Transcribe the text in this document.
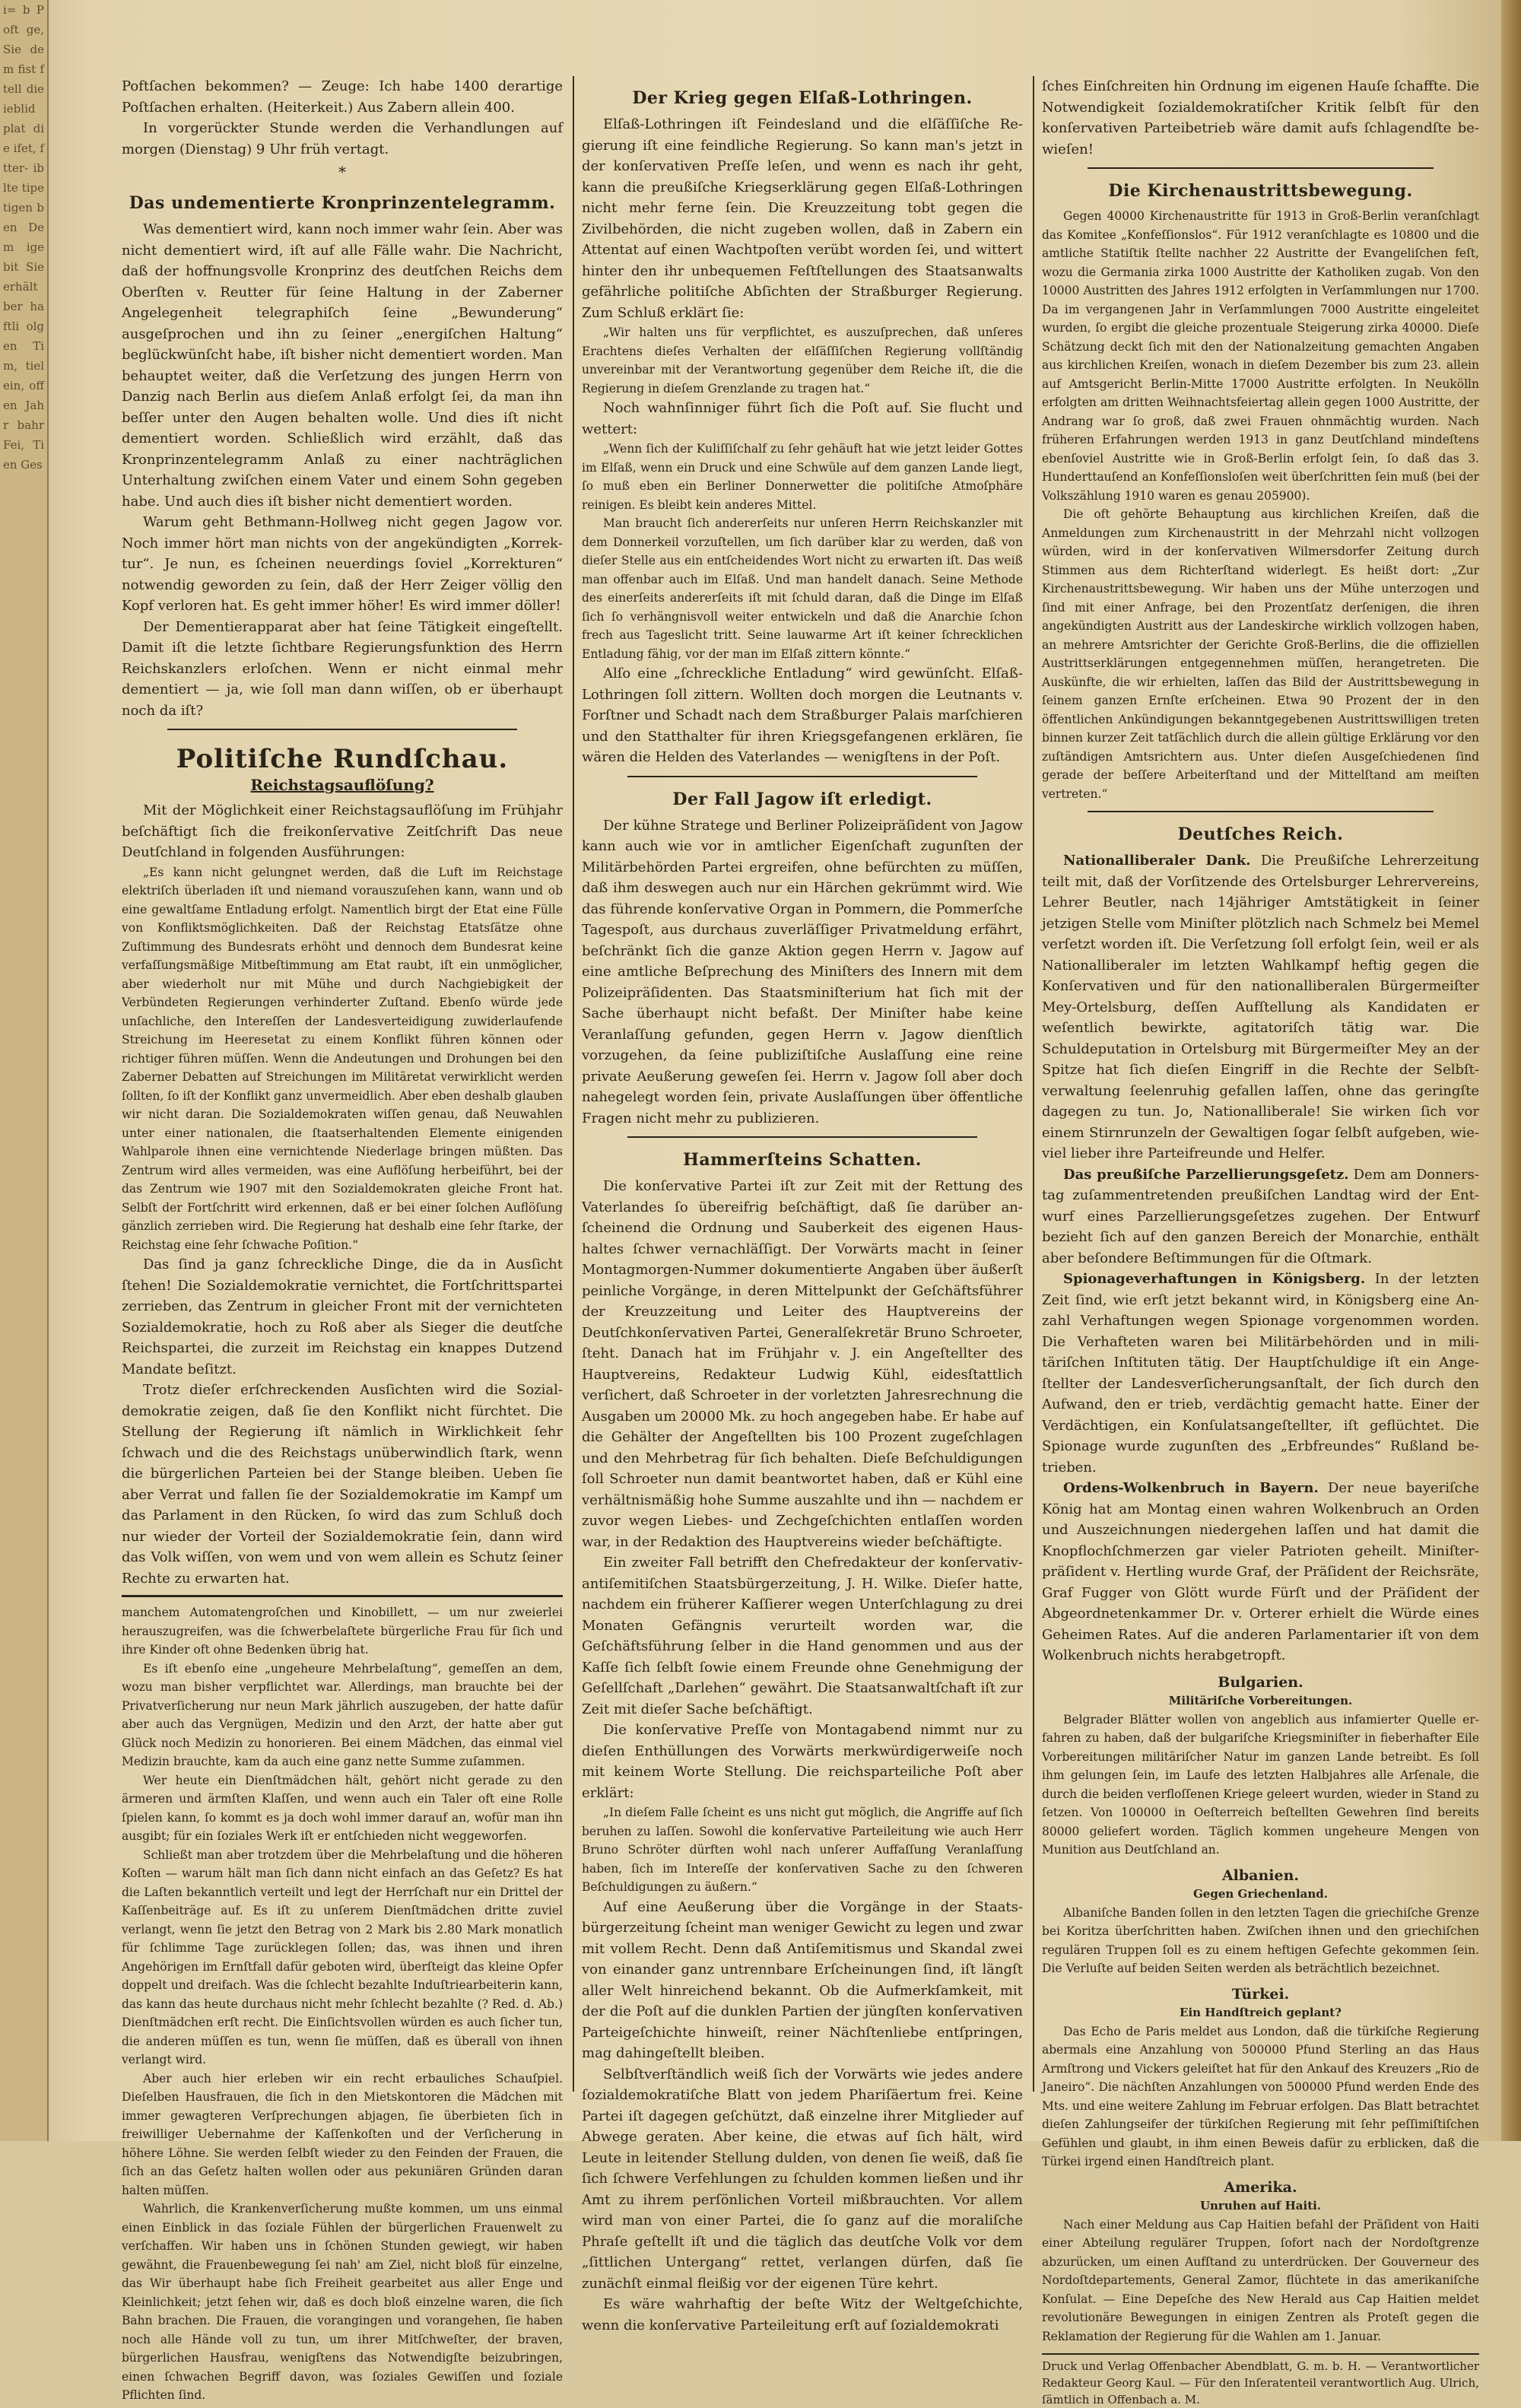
i= b Poft ge, Sie dem fist ftell die ieblid plat die ifet, ftter- iblte tipe tigen ben Dem ige bit Sie erhält ber haftli olgen Tim, tiel ein, offen Jahr bahr Fei, Tien Ges

Poftſachen bekommen? — Zeuge: Ich habe 1400 derartige Poſtſachen erhalten. (Heiterkeit.) Aus Zabern allein 400.

In vorgerückter Stunde werden die Verhandlungen auf morgen (Dienstag) 9 Uhr früh vertagt.

*
Das undementierte Kronprinzentelegramm.

Was dementiert wird, kann noch immer wahr ſein. Aber was nicht dementiert wird, iſt auf alle Fälle wahr. Die Nachricht, daß der hoffnungsvolle Kronprinz des deutſchen Reichs dem Oberſten v. Reutter für ſeine Haltung in der Zaberner Angelegenheit telegraphiſch ſeine „Bewunderung“ ausgeſprochen und ihn zu ſeiner „energiſchen Haltung“ beglückwünſcht habe, iſt bisher nicht dementiert worden. Man behauptet weiter, daß die Verſetzung des jungen Herrn von Danzig nach Berlin aus dieſem Anlaß erfolgt ſei, da man ihn beſſer unter den Augen behalten wolle. Und dies iſt nicht dementiert worden. Schließlich wird erzählt, daß das Kronprinzentelegramm Anlaß zu einer nachträglichen Unterhaltung zwiſchen einem Vater und einem Sohn gegeben habe. Und auch dies iſt bisher nicht dementiert worden.

Warum geht Bethmann-Hollweg nicht gegen Jagow vor. Noch immer hört man nichts von der angekündigten „Korrektur“. Je nun, es ſcheinen neuerdings ſoviel „Korrekturen“ notwendig geworden zu ſein, daß der Herr Zeiger völlig den Kopf verloren hat. Es geht immer höher! Es wird immer döller!

Der Dementierapparat aber hat ſeine Tätigkeit eingeſtellt. Damit iſt die letzte ſichtbare Regierungsfunktion des Herrn Reichskanzlers erloſchen. Wenn er nicht einmal mehr dementiert — ja, wie ſoll man dann wiſſen, ob er überhaupt noch da iſt?

Politiſche Rundſchau.
Reichstagsauflöſung?

Mit der Möglichkeit einer Reichstagsauflöſung im Frühjahr beſchäftigt ſich die freikonſervative Zeitſchrift Das neue Deutſchland in folgenden Ausführungen:

„Es kann nicht gelungnet werden, daß die Luft im Reichstage elektriſch überladen iſt und niemand vorauszuſehen kann, wann und ob eine gewaltſame Entladung erfolgt. Namentlich birgt der Etat eine Fülle von Konfliktsmöglichkeiten. Daß der Reichstag Etatsſätze ohne Zuſtimmung des Bundesrats erhöht und dennoch dem Bundesrat keine verfaſſungsmäßige Mitbeſtimmung am Etat raubt, iſt ein unmöglicher, aber wiederholt nur mit Mühe und durch Nachgiebigkeit der Verbündeten Regierungen verhinderter Zuſtand. Ebenſo würde jede unſachliche, den Intereſſen der Landesverteidigung zuwiderlaufende Streichung im Heeresetat zu einem Konflikt führen können oder richtiger führen müſſen. Wenn die Andeutungen und Drohungen bei den Zaberner Debatten auf Streichungen im Militäretat verwirklicht werden ſollten, ſo iſt der Konflikt ganz unvermeidlich. Aber eben deshalb glauben wir nicht daran. Die Sozialdemokraten wiſſen genau, daß Neuwahlen unter einer nationalen, die ſtaatserhaltenden Elemente einigenden Wahlparole ihnen eine vernichtende Niederlage bringen müßten. Das Zentrum wird alles vermeiden, was eine Auflöſung herbeiführt, bei der das Zentrum wie 1907 mit den Sozialdemokraten gleiche Front hat. Selbſt der Fortſchritt wird erkennen, daß er bei einer ſolchen Auflöſung gänzlich zerrieben wird. Die Regierung hat deshalb eine ſehr ſtarke, der Reichstag eine ſehr ſchwache Poſition.“

Das ſind ja ganz ſchreckliche Dinge, die da in Ausſicht ſtehen! Die Sozialdemokratie vernichtet, die Fortſchrittspartei zerrieben, das Zentrum in gleicher Front mit der vernichteten Sozialdemokratie, hoch zu Roß aber als Sieger die deutſche Reichspartei, die zurzeit im Reichstag ein knappes Dutzend Mandate beſitzt.

Trotz dieſer erſchreckenden Ausſichten wird die Sozialdemokratie zeigen, daß ſie den Konflikt nicht fürchtet. Die Stellung der Regierung iſt nämlich in Wirklichkeit ſehr ſchwach und die des Reichstags unüberwindlich ſtark, wenn die bürgerlichen Parteien bei der Stange bleiben. Ueben ſie aber Verrat und fallen ſie der Sozialdemokratie im Kampf um das Parlament in den Rücken, ſo wird das zum Schluß doch nur wieder der Vorteil der Sozialdemokratie ſein, dann wird das Volk wiſſen, von wem und von wem allein es Schutz ſeiner Rechte zu erwarten hat.

manchem Automatengroſchen und Kinobillett, — um nur zweierlei herauszugreifen, was die ſchwerbelaſtete bürgerliche Frau für ſich und ihre Kinder oft ohne Bedenken übrig hat.

Es iſt ebenſo eine „ungeheure Mehrbelaſtung“, gemeſſen an dem, wozu man bisher verpflichtet war. Allerdings, man brauchte bei der Privatverſicherung nur neun Mark jährlich auszugeben, der hatte dafür aber auch das Vergnügen, Medizin und den Arzt, der hatte aber gut Glück noch Medizin zu honorieren. Bei einem Mädchen, das einmal viel Medizin brauchte, kam da auch eine ganz nette Summe zuſammen.

Wer heute ein Dienſtmädchen hält, gehört nicht gerade zu den ärmeren und ärmſten Klaſſen, und wenn auch ein Taler oft eine Rolle ſpielen kann, ſo kommt es ja doch wohl immer darauf an, wofür man ihn ausgibt; für ein ſoziales Werk iſt er entſchieden nicht weggeworfen.

Schließt man aber trotzdem über die Mehrbelaſtung und die höheren Koſten — warum hält man ſich dann nicht einfach an das Geſetz? Es hat die Laſten bekanntlich verteilt und legt der Herrſchaft nur ein Drittel der Kaſſenbeiträge auf. Es iſt zu unſerem Dienſtmädchen dritte zuviel verlangt, wenn ſie jetzt den Betrag von 2 Mark bis 2.80 Mark monatlich für ſchlimme Tage zurücklegen ſollen; das, was ihnen und ihren Angehörigen im Ernſtfall dafür geboten wird, überſteigt das kleine Opfer doppelt und dreifach. Was die ſchlecht bezahlte Induſtriearbeiterin kann, das kann das heute durchaus nicht mehr ſchlecht bezahlte (? Red. d. Ab.) Dienſtmädchen erſt recht. Die Einſichtsvollen würden es auch ſicher tun, die anderen müſſen es tun, wenn ſie müſſen, daß es überall von ihnen verlangt wird.

Aber auch hier erleben wir ein recht erbauliches Schauſpiel. Dieſelben Hausfrauen, die ſich in den Mietskontoren die Mädchen mit immer gewagteren Verſprechungen abjagen, ſie überbieten ſich in freiwilliger Uebernahme der Kaſſenkoſten und der Verſicherung in höhere Löhne. Sie werden ſelbſt wieder zu den Feinden der Frauen, die ſich an das Geſetz halten wollen oder aus pekuniären Gründen daran halten müſſen.

Wahrlich, die Krankenverſicherung mußte kommen, um uns einmal einen Einblick in das ſoziale Fühlen der bürgerlichen Frauenwelt zu verſchaffen. Wir haben uns in ſchönen Stunden gewiegt, wir haben gewähnt, die Frauenbewegung ſei nah' am Ziel, nicht bloß für einzelne, das Wir überhaupt habe ſich Freiheit gearbeitet aus aller Enge und Kleinlichkeit; jetzt ſehen wir, daß es doch bloß einzelne waren, die ſich Bahn brachen. Die Frauen, die vorangingen und vorangehen, ſie haben noch alle Hände voll zu tun, um ihrer Mitſchweſter, der braven, bürgerlichen Hausfrau, wenigſtens das Notwendigſte beizubringen, einen ſchwachen Begriff davon, was ſoziales Gewiſſen und ſoziale Pflichten ſind.

Der Krieg gegen Elſaß-Lothringen.

Elſaß-Lothringen iſt Feindesland und die elſäſſiſche Regierung iſt eine feindliche Regierung. So kann man's jetzt in der konſervativen Preſſe leſen, und wenn es nach ihr geht, kann die preußiſche Kriegserklärung gegen Elſaß-Lothringen nicht mehr ferne ſein. Die Kreuzzeitung tobt gegen die Zivilbehörden, die nicht zugeben wollen, daß in Zabern ein Attentat auf einen Wachtpoſten verübt worden ſei, und wittert hinter den ihr unbequemen Feſtſtellungen des Staatsanwalts gefährliche politiſche Abſichten der Straßburger Regierung. Zum Schluß erklärt ſie:

„Wir halten uns für verpflichtet, es auszuſprechen, daß unſeres Erachtens dieſes Verhalten der elſäſſiſchen Regierung vollſtändig unvereinbar mit der Verantwortung gegenüber dem Reiche iſt, die die Regierung in dieſem Grenzlande zu tragen hat.“

Noch wahnſinniger führt ſich die Poſt auf. Sie flucht und wettert:

„Wenn ſich der Kuliſſiſchalf zu ſehr gehäuft hat wie jetzt leider Gottes im Elſaß, wenn ein Druck und eine Schwüle auf dem ganzen Lande liegt, ſo muß eben ein Berliner Donnerwetter die politiſche Atmoſphäre reinigen. Es bleibt kein anderes Mittel.

Man braucht ſich andererſeits nur unſeren Herrn Reichskanzler mit dem Donnerkeil vorzuſtellen, um ſich darüber klar zu werden, daß von dieſer Stelle aus ein entſcheidendes Wort nicht zu erwarten iſt. Das weiß man offenbar auch im Elſaß. Und man handelt danach. Seine Methode des einerſeits andererſeits iſt mit ſchuld daran, daß die Dinge im Elſaß ſich ſo verhängnisvoll weiter entwickeln und daß die Anarchie ſchon frech aus Tageslicht tritt. Seine lauwarme Art iſt keiner ſchrecklichen Entladung fähig, vor der man im Elſaß zittern könnte.“

Alſo eine „ſchreckliche Entladung“ wird gewünſcht. Elſaß-Lothringen ſoll zittern. Wollten doch morgen die Leutnants v. Forſtner und Schadt nach dem Straßburger Palais marſchieren und den Statthalter für ihren Kriegsgefangenen erklären, ſie wären die Helden des Vaterlandes — wenigſtens in der Poſt.

Der Fall Jagow iſt erledigt.

Der kühne Stratege und Berliner Polizeipräſident von Jagow kann auch wie vor in amtlicher Eigenſchaft zugunſten der Militärbehörden Partei ergreifen, ohne befürchten zu müſſen, daß ihm deswegen auch nur ein Härchen gekrümmt wird. Wie das führende konſervative Organ in Pommern, die Pommerſche Tagespoſt, aus durchaus zuverläſſiger Privatmeldung erfährt, beſchränkt ſich die ganze Aktion gegen Herrn v. Jagow auf eine amtliche Beſprechung des Miniſters des Innern mit dem Polizeipräſidenten. Das Staatsminiſterium hat ſich mit der Sache überhaupt nicht befaßt. Der Miniſter habe keine Veranlaſſung gefunden, gegen Herrn v. Jagow dienſtlich vorzugehen, da ſeine publiziſtiſche Auslaſſung eine reine private Aeußerung geweſen ſei. Herrn v. Jagow ſoll aber doch nahegelegt worden ſein, private Auslaſſungen über öffentliche Fragen nicht mehr zu publizieren.

Hammerſteins Schatten.

Die konſervative Partei iſt zur Zeit mit der Rettung des Vaterlandes ſo übereifrig beſchäftigt, daß ſie darüber anſcheinend die Ordnung und Sauberkeit des eigenen Haushaltes ſchwer vernachläſſigt. Der Vorwärts macht in ſeiner Montagmorgen-Nummer dokumentierte Angaben über äußerſt peinliche Vorgänge, in deren Mittelpunkt der Geſchäftsführer der Kreuzzeitung und Leiter des Hauptvereins der Deutſchkonſervativen Partei, Generalſekretär Bruno Schroeter, ſteht. Danach hat im Frühjahr v. J. ein Angeſtellter des Hauptvereins, Redakteur Ludwig Kühl, eidesſtattlich verſichert, daß Schroeter in der vorletzten Jahresrechnung die Ausgaben um 20000 Mk. zu hoch angegeben habe. Er habe auf die Gehälter der Angeſtellten bis 100 Prozent zugeſchlagen und den Mehrbetrag für ſich behalten. Dieſe Beſchuldigungen ſoll Schroeter nun damit beantwortet haben, daß er Kühl eine verhältnismäßig hohe Summe auszahlte und ihn — nachdem er zuvor wegen Liebes- und Zechgeſchichten entlaſſen worden war, in der Redaktion des Hauptvereins wieder beſchäftigte.

Ein zweiter Fall betrifft den Chefredakteur der konſervativ-antiſemitiſchen Staatsbürgerzeitung, J. H. Wilke. Dieſer hatte, nachdem ein früherer Kaſſierer wegen Unterſchlagung zu drei Monaten Gefängnis verurteilt worden war, die Geſchäftsführung ſelber in die Hand genommen und aus der Kaſſe ſich ſelbſt ſowie einem Freunde ohne Genehmigung der Geſellſchaft „Darlehen“ gewährt. Die Staatsanwaltſchaft iſt zur Zeit mit dieſer Sache beſchäftigt.

Die konſervative Preſſe von Montagabend nimmt nur zu dieſen Enthüllungen des Vorwärts merkwürdigerweiſe noch mit keinem Worte Stellung. Die reichsparteiliche Poſt aber erklärt:

„In dieſem Falle ſcheint es uns nicht gut möglich, die Angriffe auf ſich beruhen zu laſſen. Sowohl die konſervative Parteileitung wie auch Herr Bruno Schröter dürften wohl nach unſerer Auffaſſung Veranlaſſung haben, ſich im Intereſſe der konſervativen Sache zu den ſchweren Beſchuldigungen zu äußern.“

Auf eine Aeußerung über die Vorgänge in der Staatsbürgerzeitung ſcheint man weniger Gewicht zu legen und zwar mit vollem Recht. Denn daß Antiſemitismus und Skandal zwei von einander ganz untrennbare Erſcheinungen ſind, iſt längſt aller Welt hinreichend bekannt. Ob die Aufmerkſamkeit, mit der die Poſt auf die dunklen Partien der jüngſten konſervativen Parteigeſchichte hinweiſt, reiner Nächſtenliebe entſpringen, mag dahingeſtellt bleiben.

Selbſtverſtändlich weiß ſich der Vorwärts wie jedes andere ſozialdemokratiſche Blatt von jedem Phariſäertum frei. Keine Partei iſt dagegen geſchützt, daß einzelne ihrer Mitglieder auf Abwege geraten. Aber keine, die etwas auf ſich hält, wird Leute in leitender Stellung dulden, von denen ſie weiß, daß ſie ſich ſchwere Verfehlungen zu ſchulden kommen ließen und ihr Amt zu ihrem perſönlichen Vorteil mißbrauchten. Vor allem wird man von einer Partei, die ſo ganz auf die moraliſche Phraſe geſtellt iſt und die täglich das deutſche Volk vor dem „ſittlichen Untergang“ rettet, verlangen dürfen, daß ſie zunächſt einmal fleißig vor der eigenen Türe kehrt.

Es wäre wahrhaftig der beſte Witz der Weltgeſchichte, wenn die konſervative Parteileitung erſt auf ſozialdemokrati

ſches Einſchreiten hin Ordnung im eigenen Hauſe ſchaffte. Die Notwendigkeit ſozialdemokratiſcher Kritik ſelbſt für den konſervativen Parteibetrieb wäre damit aufs ſchlagendſte bewieſen!

Die Kirchenaustrittsbewegung.

Gegen 40000 Kirchenaustritte für 1913 in Groß-Berlin veranſchlagt das Komitee „Konfeſſionslos“. Für 1912 veranſchlagte es 10800 und die amtliche Statiſtik ſtellte nachher 22 Austritte der Evangeliſchen feſt, wozu die Germania zirka 1000 Austritte der Katholiken zugab. Von den 10000 Austritten des Jahres 1912 erfolgten in Verſammlungen nur 1700. Da im vergangenen Jahr in Verſammlungen 7000 Austritte eingeleitet wurden, ſo ergibt die gleiche prozentuale Steigerung zirka 40000. Dieſe Schätzung deckt ſich mit den der Nationalzeitung gemachten Angaben aus kirchlichen Kreiſen, wonach in dieſem Dezember bis zum 23. allein auf Amtsgericht Berlin-Mitte 17000 Austritte erfolgten. In Neukölln erfolgten am dritten Weihnachtsfeiertag allein gegen 1000 Austritte, der Andrang war ſo groß, daß zwei Frauen ohnmächtig wurden. Nach früheren Erfahrungen werden 1913 in ganz Deutſchland mindeſtens ebenſoviel Austritte wie in Groß-Berlin erfolgt ſein, ſo daß das 3. Hunderttauſend an Konfeſſionsloſen weit überſchritten ſein muß (bei der Volkszählung 1910 waren es genau 205900).

Die oft gehörte Behauptung aus kirchlichen Kreiſen, daß die Anmeldungen zum Kirchenaustritt in der Mehrzahl nicht vollzogen würden, wird in der konſervativen Wilmersdorfer Zeitung durch Stimmen aus dem Richterſtand widerlegt. Es heißt dort: „Zur Kirchenaustrittsbewegung. Wir haben uns der Mühe unterzogen und ſind mit einer Anfrage, bei den Prozentſatz derſenigen, die ihren angekündigten Austritt aus der Landeskirche wirklich vollzogen haben, an mehrere Amtsrichter der Gerichte Groß-Berlins, die die offiziellen Austrittserklärungen entgegennehmen müſſen, herangetreten. Die Auskünfte, die wir erhielten, laſſen das Bild der Austrittsbewegung in ſeinem ganzen Ernſte erſcheinen. Etwa 90 Prozent der in den öffentlichen Ankündigungen bekanntgegebenen Austrittswilligen treten binnen kurzer Zeit tatſächlich durch die allein gültige Erklärung vor den zuſtändigen Amtsrichtern aus. Unter dieſen Ausgeſchiedenen ſind gerade der beſſere Arbeiterſtand und der Mittelſtand am meiſten vertreten.“

Deutſches Reich.

Nationalliberaler Dank. Die Preußiſche Lehrerzeitung teilt mit, daß der Vorſitzende des Ortelsburger Lehrervereins, Lehrer Beutler, nach 14jähriger Amtstätigkeit in ſeiner jetzigen Stelle vom Miniſter plötzlich nach Schmelz bei Memel verſetzt worden iſt. Die Verſetzung ſoll erfolgt ſein, weil er als Nationalliberaler im letzten Wahlkampf heftig gegen die Konſervativen und für den nationalliberalen Bürgermeiſter Mey-Ortelsburg, deſſen Aufſtellung als Kandidaten er weſentlich bewirkte, agitatoriſch tätig war. Die Schuldeputation in Ortelsburg mit Bürgermeiſter Mey an der Spitze hat ſich dieſen Eingriff in die Rechte der Selbſtverwaltung ſeelenruhig gefallen laſſen, ohne das geringſte dagegen zu tun. Jo, Nationalliberale! Sie wirken ſich vor einem Stirnrunzeln der Gewaltigen ſogar ſelbſt aufgeben, wieviel lieber ihre Parteifreunde und Helfer.

Das preußiſche Parzellierungsgeſetz. Dem am Donnerstag zuſammentretenden preußiſchen Landtag wird der Entwurf eines Parzellierungsgeſetzes zugehen. Der Entwurf bezieht ſich auf den ganzen Bereich der Monarchie, enthält aber beſondere Beſtimmungen für die Oſtmark.

Spionageverhaftungen in Königsberg. In der letzten Zeit ſind, wie erſt jetzt bekannt wird, in Königsberg eine Anzahl Verhaftungen wegen Spionage vorgenommen worden. Die Verhafteten waren bei Militärbehörden und in militäriſchen Inſtituten tätig. Der Hauptſchuldige iſt ein Angeſtellter der Landesverſicherungsanſtalt, der ſich durch den Aufwand, den er trieb, verdächtig gemacht hatte. Einer der Verdächtigen, ein Konſulatsangeſtellter, iſt geflüchtet. Die Spionage wurde zugunſten des „Erbfreundes“ Rußland betrieben.

Ordens-Wolkenbruch in Bayern. Der neue bayeriſche König hat am Montag einen wahren Wolkenbruch an Orden und Auszeichnungen niedergehen laſſen und hat damit die Knopflochſchmerzen gar vieler Patrioten geheilt. Miniſterpräſident v. Hertling wurde Graf, der Präſident der Reichsräte, Graf Fugger von Glött wurde Fürſt und der Präſident der Abgeordnetenkammer Dr. v. Orterer erhielt die Würde eines Geheimen Rates. Auf die anderen Parlamentarier iſt von dem Wolkenbruch nichts herabgetropft.

Bulgarien.
Militäriſche Vorbereitungen.

Belgrader Blätter wollen von angeblich aus infamierter Quelle erfahren zu haben, daß der bulgariſche Kriegsminiſter in fieberhafter Eile Vorbereitungen militäriſcher Natur im ganzen Lande betreibt. Es ſoll ihm gelungen ſein, im Laufe des letzten Halbjahres alle Arſenale, die durch die beiden verfloſſenen Kriege geleert wurden, wieder in Stand zu ſetzen. Von 100000 in Oeſterreich beſtellten Gewehren ſind bereits 80000 geliefert worden. Täglich kommen ungeheure Mengen von Munition aus Deutſchland an.

Albanien.
Gegen Griechenland.

Albaniſche Banden ſollen in den letzten Tagen die griechiſche Grenze bei Koritza überſchritten haben. Zwiſchen ihnen und den griechiſchen regulären Truppen ſoll es zu einem heftigen Gefechte gekommen ſein. Die Verluſte auf beiden Seiten werden als beträchtlich bezeichnet.

Türkei.
Ein Handſtreich geplant?

Das Echo de Paris meldet aus London, daß die türkiſche Regierung abermals eine Anzahlung von 500000 Pfund Sterling an das Haus Armſtrong und Vickers geleiſtet hat für den Ankauf des Kreuzers „Rio de Janeiro“. Die nächſten Anzahlungen von 500000 Pfund werden Ende des Mts. und eine weitere Zahlung im Februar erfolgen. Das Blatt betrachtet dieſen Zahlungseifer der türkiſchen Regierung mit ſehr peſſimiſtiſchen Gefühlen und glaubt, in ihm einen Beweis dafür zu erblicken, daß die Türkei irgend einen Handſtreich plant.

Amerika.
Unruhen auf Haiti.

Nach einer Meldung aus Cap Haitien befahl der Präſident von Haiti einer Abteilung regulärer Truppen, ſofort nach der Nordoſtgrenze abzurücken, um einen Aufſtand zu unterdrücken. Der Gouverneur des Nordoſtdepartements, General Zamor, flüchtete in das amerikaniſche Konſulat. — Eine Depeſche des New Herald aus Cap Haitien meldet revolutionäre Bewegungen in einigen Zentren als Proteſt gegen die Reklamation der Regierung für die Wahlen am 1. Januar.

Druck und Verlag Offenbacher Abendblatt, G. m. b. H. — Verantwortlicher Redakteur Georg Kaul. — Für den Inſeratenteil verantwortlich Aug. Ulrich, ſämtlich in Offenbach a. M.
